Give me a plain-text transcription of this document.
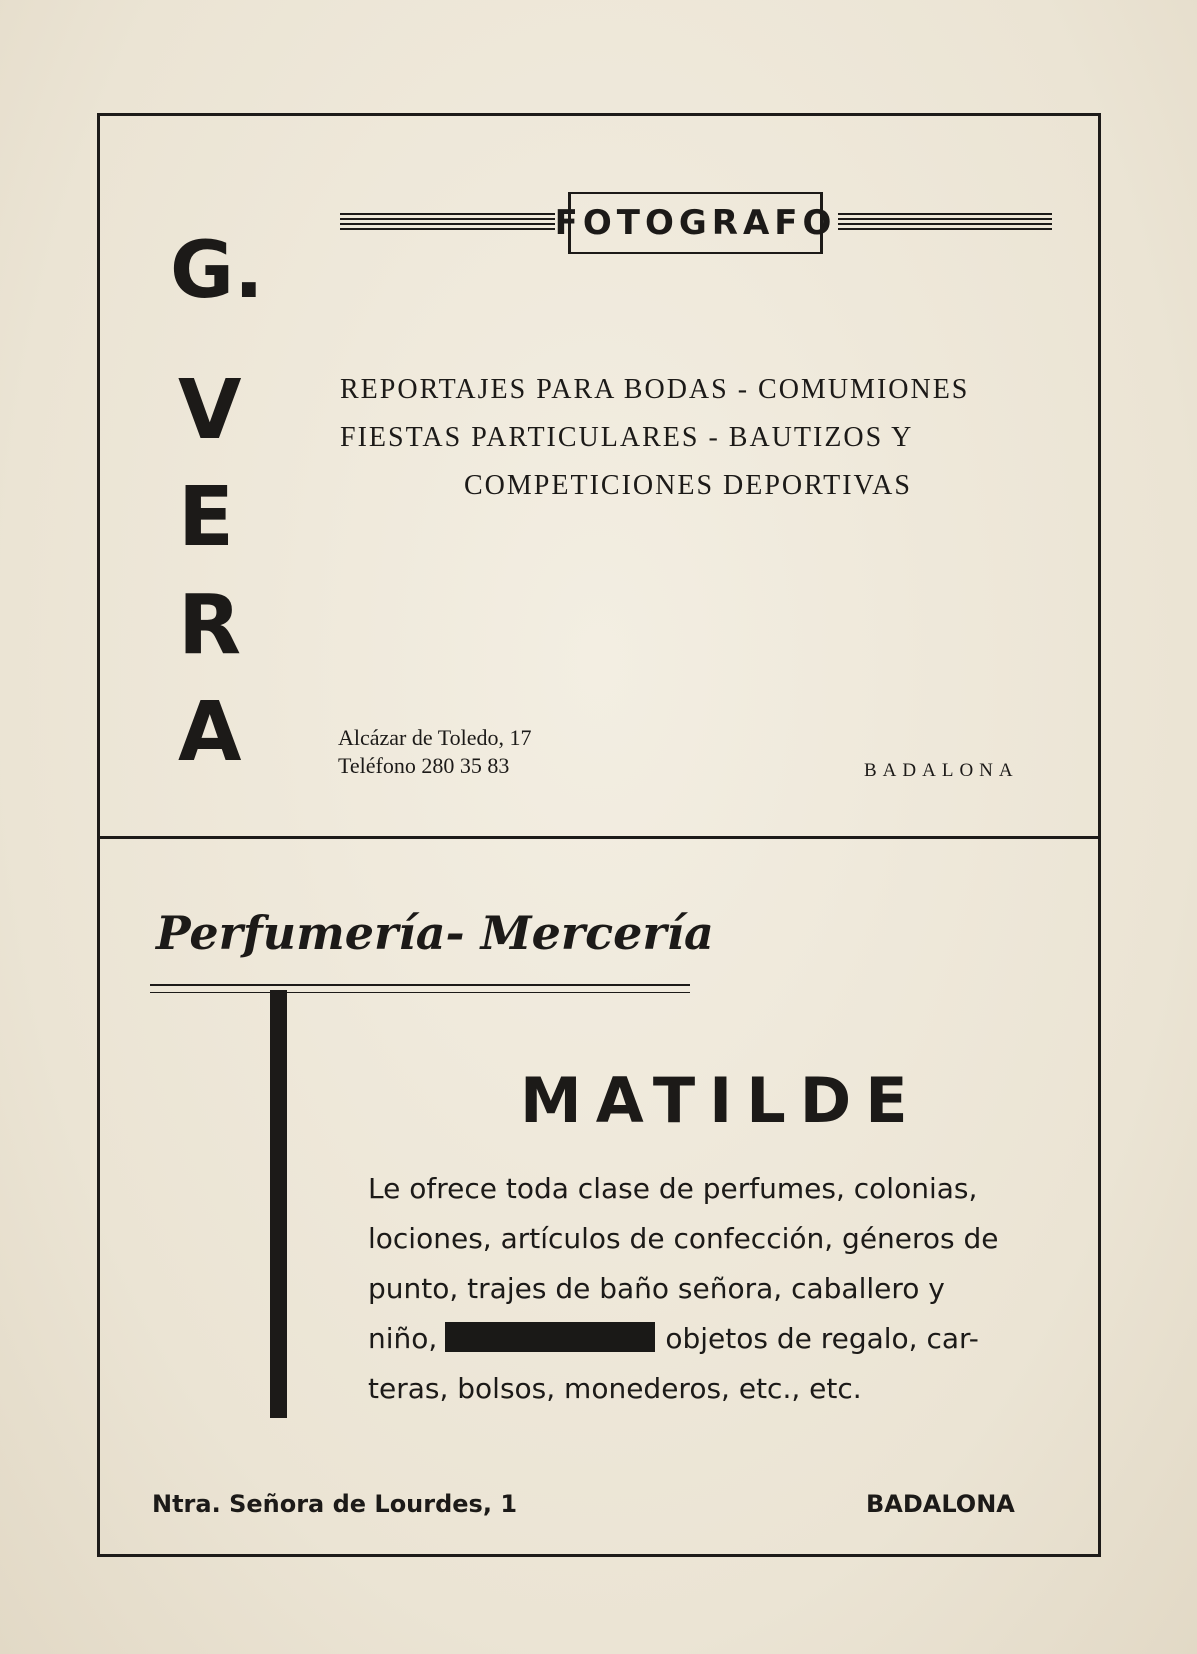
G.
V
E
R
A
FOTOGRAFO
REPORTAJES PARA BODAS - COMUMIONES
FIESTAS PARTICULARES - BAUTIZOS Y
COMPETICIONES DEPORTIVAS
Alcázar de Toledo, 17
Teléfono 280 35 83	BADALONA
Perfumería- Mercería
MATILDE
Le ofrece toda clase de perfumes, colonias,
lociones, artículos de confección, géneros de
punto, trajes de baño señora, caballero y
niño,	objetos de regalo, car-
teras, bolsos, monederos, etc., etc.
Ntra. Señora de Lourdes, 1	BADALONA
